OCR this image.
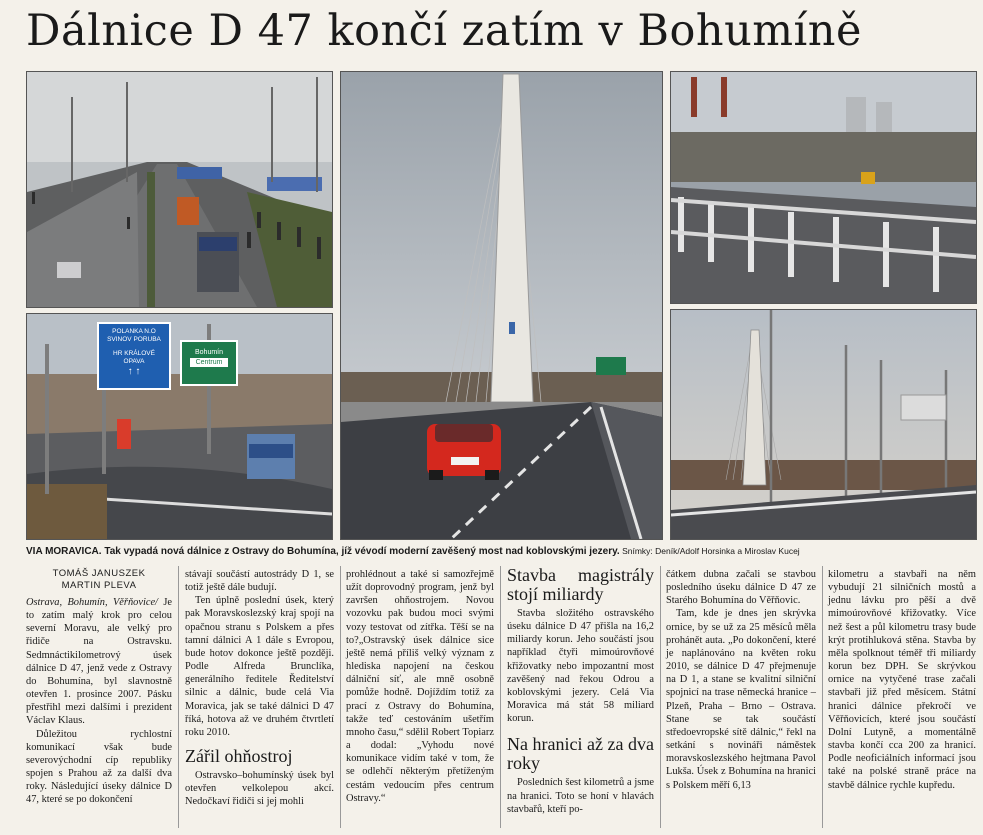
Dálnice D 47 končí zatím v Bohumíně
POLANKA N.O
SVINOV PORUBA
HR KRÁLOVÉ
OPAVA
↑ ↑
Bohumín
Centrum
VIA MORAVICA. Tak vypadá nová dálnice z Ostravy do Bohumína, jíž vévodí moderní zavěšený most nad koblovskými jezery. Snímky: Deník/Adolf Horsinka a Miroslav Kucej
TOMÁŠ JANUSZEK
MARTIN PLEVA

Ostrava, Bohumín, Věřňovice/ Je to zatím malý krok pro celou severní Moravu, ale velký pro řidiče na Ostravsku. Sedmnáctikilometrový úsek dálnice D 47, jenž vede z Ostravy do Bohumína, byl slavnostně otevřen 1. prosince 2007. Pásku přestřihl mezi dalšími i prezident Václav Klaus.

Důležitou rychlostní komunikací však bude severovýchodní cíp republiky spojen s Prahou až za další dva roky. Následující úseky dálnice D 47, které se po dokončení

stávají součástí autostrády D 1, se totiž ještě dále budují.

Ten úplně poslední úsek, který pak Moravskoslezský kraj spojí na opačnou stranu s Polskem a přes tamní dálnici A 1 dále s Evropou, bude hotov dokonce ještě později. Podle Alfreda Brunclíka, generálního ředitele Ředitelství silnic a dálnic, bude celá Via Moravica, jak se také dálnici D 47 říká, hotova až ve druhém čtvrtletí roku 2010.

Zářil ohňostroj

Ostravsko–bohumínský úsek byl otevřen velkolepou akcí. Nedočkaví řidiči si jej mohli

prohlédnout a také si samozřejmě užít doprovodný program, jenž byl završen ohňostrojem. Novou vozovku pak budou moci svými vozy testovat od zítřka. Těší se na to?„Ostravský úsek dálnice sice ještě nemá příliš velký význam z hlediska napojení na českou dálniční síť, ale mně osobně pomůže hodně. Dojíždím totiž za prací z Ostravy do Bohumína, takže teď cestováním ušetřím mnoho času,“ sdělil Robert Topiarz a dodal: „Vyhodu nové komunikace vidím také v tom, že se odlehčí některým přetíženým cestám vedoucím přes centrum Ostravy.“

Stavba magistrály stojí miliardy

Stavba složitého ostravského úseku dálnice D 47 přišla na 16,2 miliardy korun. Jeho součástí jsou například čtyři mimoúrovňové křižovatky nebo impozantní most zavěšený nad řekou Odrou a koblovskými jezery. Celá Via Moravica má stát 58 miliard korun.

Na hranici až za dva roky

Posledních šest kilometrů a jsme na hranici. Toto se honí v hlavách stavbařů, kteří po-

čátkem dubna začali se stavbou posledního úseku dálnice D 47 ze Starého Bohumína do Věřňovic.

Tam, kde je dnes jen skrývka ornice, by se už za 25 měsíců měla prohánět auta. „Po dokončení, které je naplánováno na květen roku 2010, se dálnice D 47 přejmenuje na D 1, a stane se kvalitní silniční spojnicí na trase německá hranice – Plzeň, Praha – Brno – Ostrava. Stane se tak součástí středoevropské sítě dálnic,“ řekl na setkání s novináři náměstek moravskoslezského hejtmana Pavol Lukša. Úsek z Bohumína na hranici s Polskem měří 6,13

kilometru a stavbaři na něm vybudují 21 silničních mostů a jednu lávku pro pěší a dvě mimoúrovňové křižovatky. Více než šest a půl kilometru trasy bude krýt protihluková stěna. Stavba by měla spolknout téměř tři miliardy korun bez DPH. Se skrývkou ornice na vytyčené trase začali stavbaři již před měsícem. Státní hranici dálnice překročí ve Věřňovicích, které jsou součástí Dolní Lutyně, a momentálně stavba končí cca 200 za hranicí. Podle neoficiálních informací jsou také na polské straně práce na stavbě dálnice rychle kupředu.
